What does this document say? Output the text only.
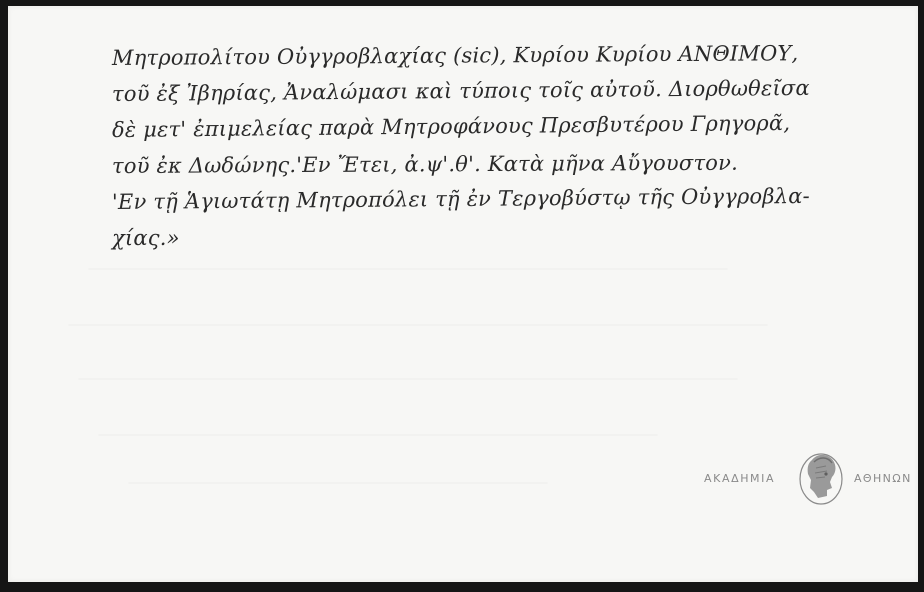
Μητροπολίτου Οὐγγροβλαχίας (sic), Κυρίου Κυρίου ΑΝΘΙΜΟΥ,
τοῦ ἐξ Ἰβηρίας, Ἀναλώμασι καὶ τύποις τοῖς αὐτοῦ. Διορθωθεῖσα
δὲ μετ' ἐπιμελείας παρὰ Μητροφάνους Πρεσβυτέρου Γρηγορᾶ,
τοῦ ἐκ Δωδώνης.'Εν Ἔτει, ἀ.ψ'.θ'. Κατὰ μῆνα Αὔγουστον.
'Εν τῇ Ἁγιωτάτῃ Μητροπόλει τῇ ἐν Τεργοβύστῳ τῆς Οὐγγροβλα-
χίας.»
ΑΚΑΔΗΜΙΑ	ΑΘΗΝΩΝ
